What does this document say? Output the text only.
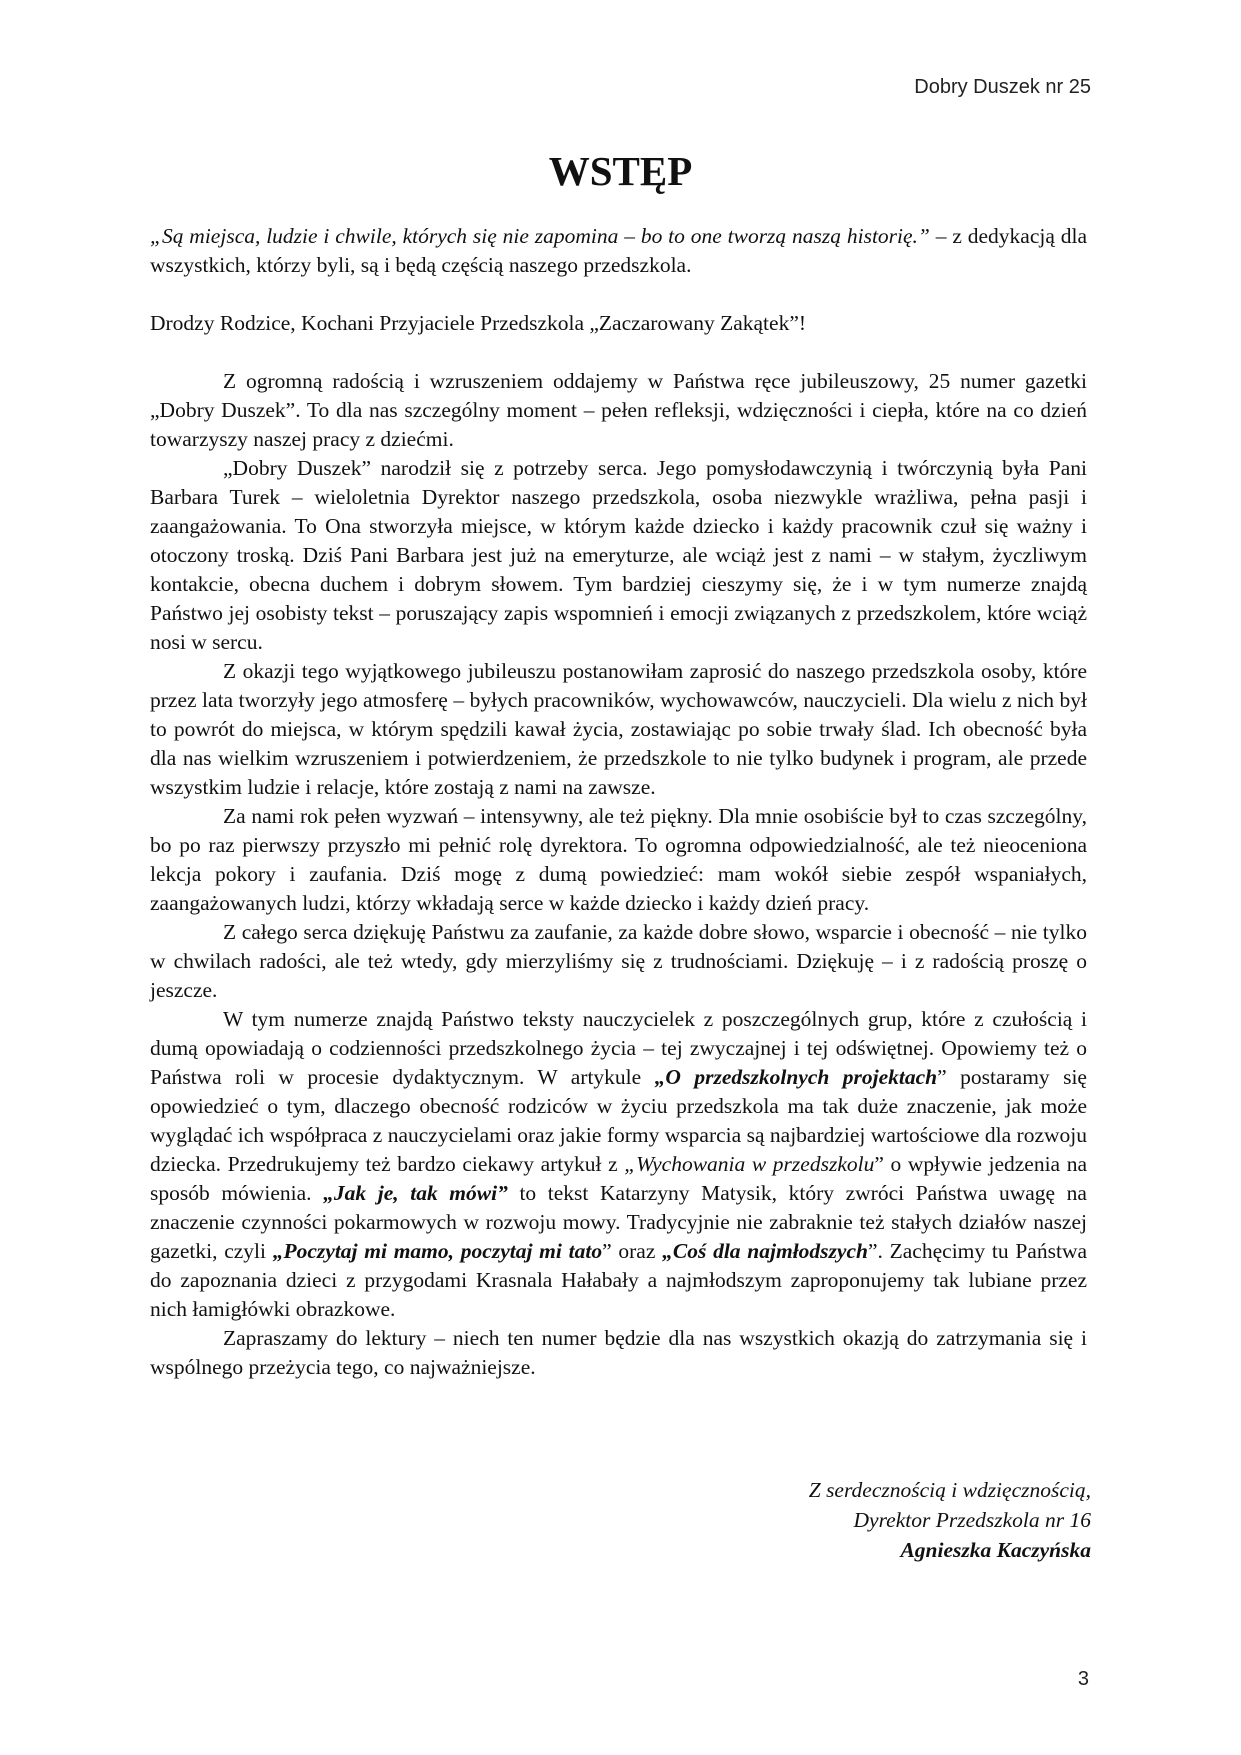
Dobry Duszek nr 25
WSTĘP

„Są miejsca, ludzie i chwile, których się nie zapomina – bo to one tworzą naszą historię.” – z dedykacją dla wszystkich, którzy byli, są i będą częścią naszego przedszkola.

Drodzy Rodzice, Kochani Przyjaciele Przedszkola „Zaczarowany Zakątek”!

Z ogromną radością i wzruszeniem oddajemy w Państwa ręce jubileuszowy, 25 numer gazetki „Dobry Duszek”. To dla nas szczególny moment – pełen refleksji, wdzięczności i ciepła, które na co dzień towarzyszy naszej pracy z dziećmi.

„Dobry Duszek” narodził się z potrzeby serca. Jego pomysłodawczynią i twórczynią była Pani Barbara Turek – wieloletnia Dyrektor naszego przedszkola, osoba niezwykle wrażliwa, pełna pasji i zaangażowania. To Ona stworzyła miejsce, w którym każde dziecko i każdy pracownik czuł się ważny i otoczony troską. Dziś Pani Barbara jest już na emeryturze, ale wciąż jest z nami – w stałym, życzliwym kontakcie, obecna duchem i dobrym słowem. Tym bardziej cieszymy się, że i w tym numerze znajdą Państwo jej osobisty tekst – poruszający zapis wspomnień i emocji związanych z przedszkolem, które wciąż nosi w sercu.

Z okazji tego wyjątkowego jubileuszu postanowiłam zaprosić do naszego przedszkola osoby, które przez lata tworzyły jego atmosferę – byłych pracowników, wychowawców, nauczycieli. Dla wielu z nich był to powrót do miejsca, w którym spędzili kawał życia, zostawiając po sobie trwały ślad. Ich obecność była dla nas wielkim wzruszeniem i potwierdzeniem, że przedszkole to nie tylko budynek i program, ale przede wszystkim ludzie i relacje, które zostają z nami na zawsze.

Za nami rok pełen wyzwań – intensywny, ale też piękny. Dla mnie osobiście był to czas szczególny, bo po raz pierwszy przyszło mi pełnić rolę dyrektora. To ogromna odpowiedzialność, ale też nieoceniona lekcja pokory i zaufania. Dziś mogę z dumą powiedzieć: mam wokół siebie zespół wspaniałych, zaangażowanych ludzi, którzy wkładają serce w każde dziecko i każdy dzień pracy.

Z całego serca dziękuję Państwu za zaufanie, za każde dobre słowo, wsparcie i obecność – nie tylko w chwilach radości, ale też wtedy, gdy mierzyliśmy się z trudnościami. Dziękuję – i z radością proszę o jeszcze.

W tym numerze znajdą Państwo teksty nauczycielek z poszczególnych grup, które z czułością i dumą opowiadają o codzienności przedszkolnego życia – tej zwyczajnej i tej odświętnej. Opowiemy też o Państwa roli w procesie dydaktycznym. W artykule „O przedszkolnych projektach” postaramy się opowiedzieć o tym, dlaczego obecność rodziców w życiu przedszkola ma tak duże znaczenie, jak może wyglądać ich współpraca z nauczycielami oraz jakie formy wsparcia są najbardziej wartościowe dla rozwoju dziecka. Przedrukujemy też bardzo ciekawy artykuł z „Wychowania w przedszkolu” o wpływie jedzenia na sposób mówienia. „Jak je, tak mówi” to tekst Katarzyny Matysik, który zwróci Państwa uwagę na znaczenie czynności pokarmowych w rozwoju mowy. Tradycyjnie nie zabraknie też stałych działów naszej gazetki, czyli „Poczytaj mi mamo, poczytaj mi tato” oraz „Coś dla najmłodszych”. Zachęcimy tu Państwa do zapoznania dzieci z przygodami Krasnala Hałabały a najmłodszym zaproponujemy tak lubiane przez nich łamigłówki obrazkowe.

Zapraszamy do lektury – niech ten numer będzie dla nas wszystkich okazją do zatrzymania się i wspólnego przeżycia tego, co najważniejsze.

Z serdecznością i wdzięcznością,
Dyrektor Przedszkola nr 16
Agnieszka Kaczyńska
3
